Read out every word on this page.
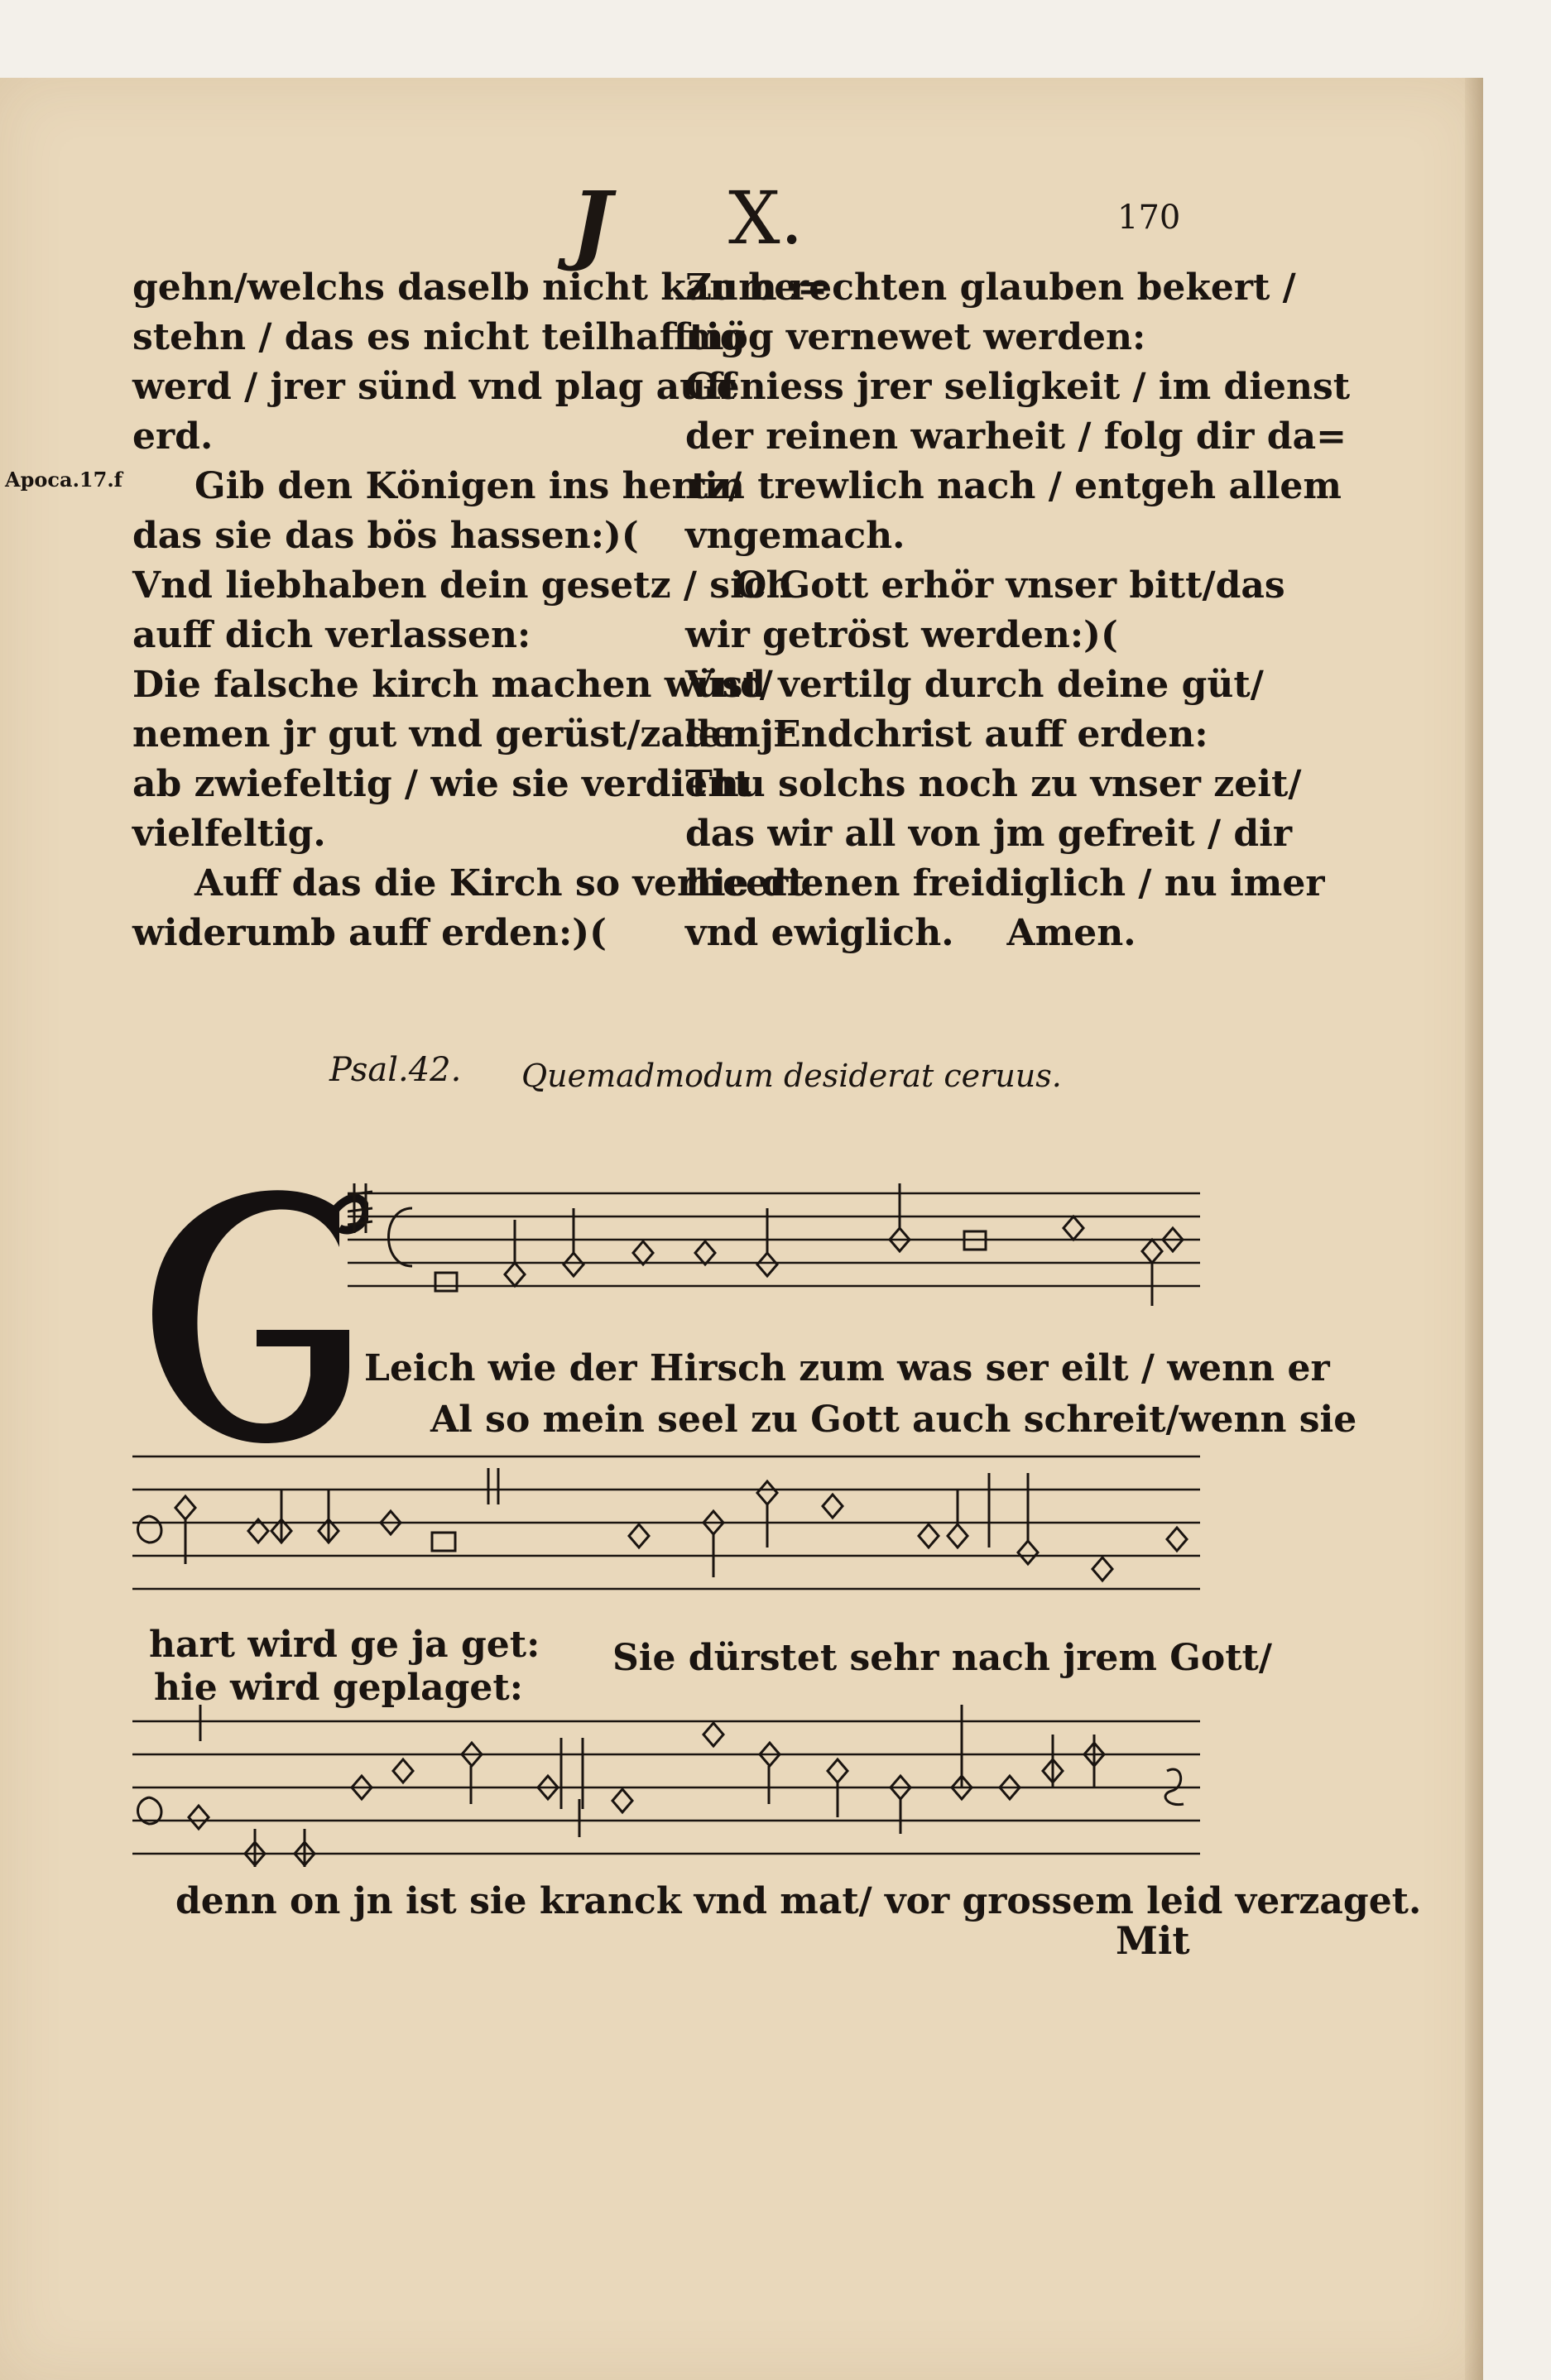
J X.	170
Apoca.17.f
gehn/welchs daselb nicht kan be=
stehn / das es nicht teilhafftig
werd / jrer sünd vnd plag auff
erd.
Gib den Königen ins hertz/
das sie das bös hassen:)(
Vnd liebhaben dein gesetz / sich
auff dich verlassen:
Die falsche kirch machen wüst/
nemen jr gut vnd gerüst/zalen jr
ab zwiefeltig / wie sie verdient
vielfeltig.
Auff das die Kirch so verheert
widerumb auff erden:)(
Zum rechten glauben bekert /
mög vernewet werden:
Geniess jrer seligkeit / im dienst
der reinen warheit / folg dir da=
rin trewlich nach / entgeh allem
vngemach.
O Gott erhör vnser bitt/das
wir getröst werden:)(
Vnd vertilg durch deine güt/
den Endchrist auff erden:
Thu solchs noch zu vnser zeit/
das wir all von jm gefreit / dir
hie dienen freidiglich / nu imer
vnd ewiglich. Amen.
Psal.42. Quemadmodum desiderat ceruus.
G
Leich wie der Hirsch zum was ser eilt / wenn er
Al so mein seel zu Gott auch schreit/wenn sie
hart wird ge ja get:
hie wird geplaget:
Sie dürstet sehr nach jrem Gott/
denn on jn ist sie kranck vnd mat/ vor grossem leid verzaget.
Mit
